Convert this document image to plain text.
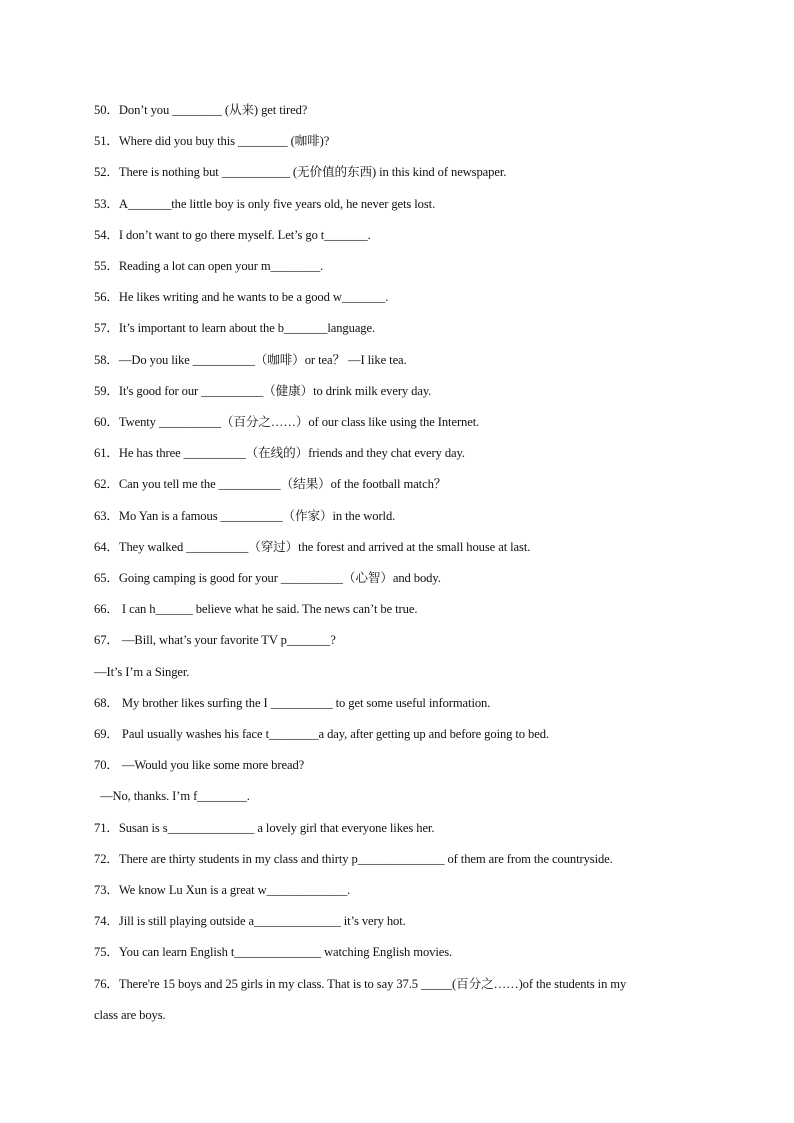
50．Don’t you ________ (从来) get tired?
51．Where did you buy this ________ (咖啡)?
52．There is nothing but ___________ (无价值的东西) in this kind of newspaper.
53．A_______the little boy is only five years old, he never gets lost.
54．I don’t want to go there myself. Let’s go t_______.
55．Reading a lot can open your m________.
56．He likes writing and he wants to be a good w_______.
57．It’s important to learn about the b_______language.
58．—Do you like __________（咖啡）or tea？ —I like tea.
59．It's good for our __________（健康）to drink milk every day.
60．Twenty __________（百分之……）of our class like using the Internet.
61．He has three __________（在线的）friends and they chat every day.
62．Can you tell me the __________（结果）of the football match？
63．Mo Yan is a famous __________（作家）in the world.
64．They walked __________（穿过）the forest and arrived at the small house at last.
65．Going camping is good for your __________（心智）and body.
66． I can h______ believe what he said. The news can’t be true.
67． —Bill, what’s your favorite TV p_______?
—It’s I’m a Singer.
68． My brother likes surfing the I __________ to get some useful information.
69． Paul usually washes his face t________a day, after getting up and before going to bed.
70． —Would you like some more bread?
—No, thanks. I’m f________.
71．Susan is s______________ a lovely girl that everyone likes her.
72．There are thirty students in my class and thirty p______________ of them are from the countryside.
73．We know Lu Xun is a great w_____________.
74．Jill is still playing outside a______________ it’s very hot.
75．You can learn English t______________ watching English movies.
76．There're 15 boys and 25 girls in my class. That is to say 37.5 _____(百分之……)of the students in my
class are boys.
